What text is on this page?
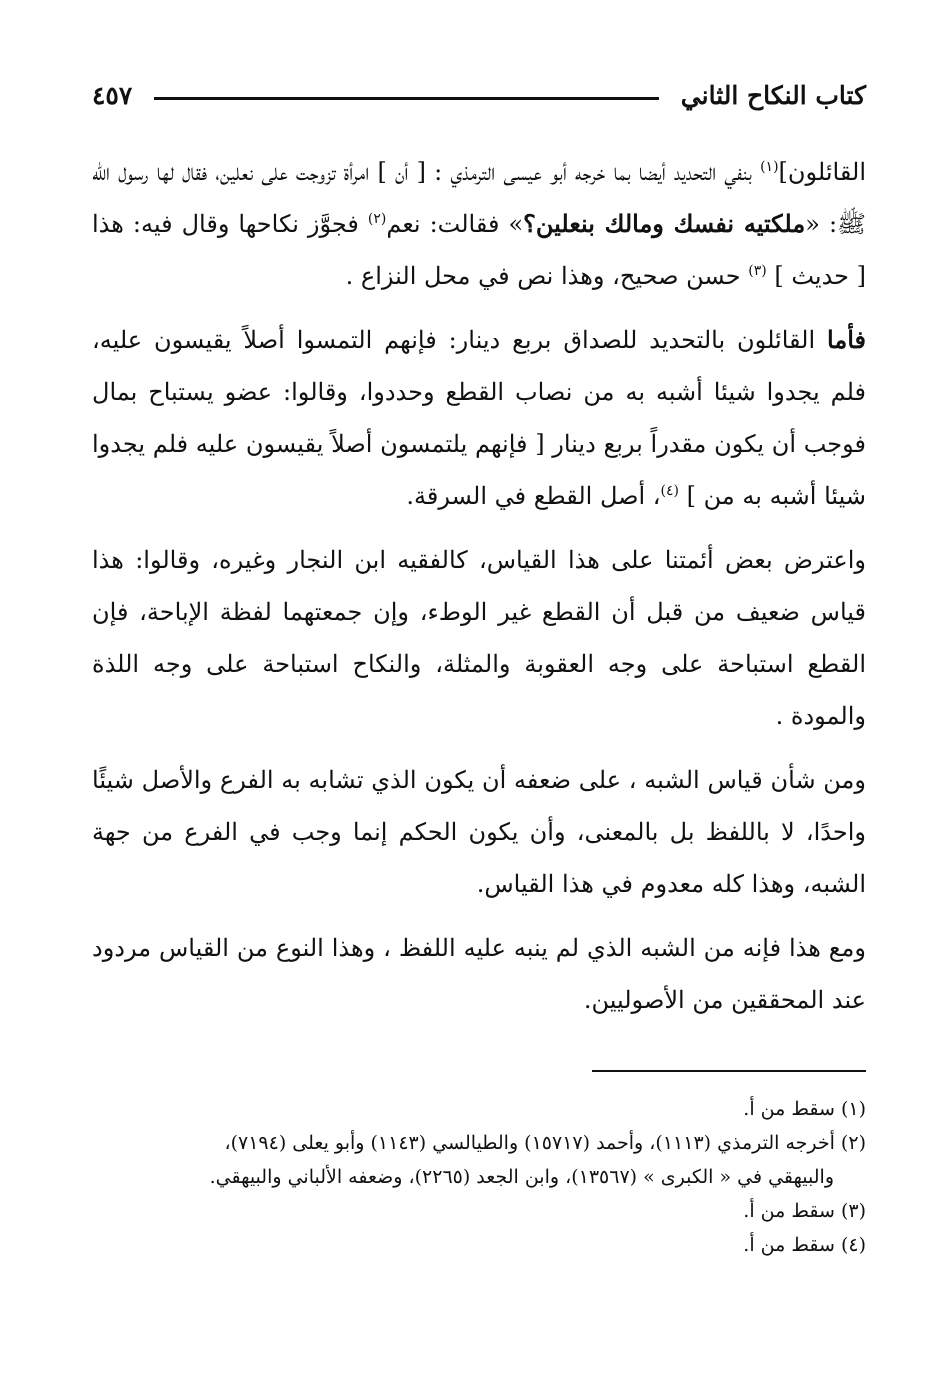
كتاب النكاح الثاني
٤٥٧

القائلون]$^{(١)}$ بنفي التحديد أيضا بما خرجه أبو عيسى الترمذي : [ أن ] امرأة تزوجت على نعلين، فقال لها رسول الله ﷺ: «ملكتيه نفسك ومالك بنعلين؟» فقالت: نعم$^{(٢)}$ فجوَّز نكاحها وقال فيه: هذا [ حديث ] $^{(٣)}$ حسن صحيح، وهذا نص في محل النزاع .

فأما القائلون بالتحديد للصداق بربع دينار: فإنهم التمسوا أصلاً يقيسون عليه، فلم يجدوا شيئا أشبه به من نصاب القطع وحددوا، وقالوا: عضو يستباح بمال فوجب أن يكون مقدراً بربع دينار [ فإنهم يلتمسون أصلاً يقيسون عليه فلم يجدوا شيئا أشبه به من ] $^{(٤)}$، أصل القطع في السرقة.

واعترض بعض أئمتنا على هذا القياس، كالفقيه ابن النجار وغيره، وقالوا: هذا قياس ضعيف من قبل أن القطع غير الوطء، وإن جمعتهما لفظة الإباحة، فإن القطع استباحة على وجه العقوبة والمثلة، والنكاح استباحة على وجه اللذة والمودة .

ومن شأن قياس الشبه ، على ضعفه أن يكون الذي تشابه به الفرع والأصل شيئًا واحدًا، لا باللفظ بل بالمعنى، وأن يكون الحكم إنما وجب في الفرع من جهة الشبه، وهذا كله معدوم في هذا القياس.

ومع هذا فإنه من الشبه الذي لم ينبه عليه اللفظ ، وهذا النوع من القياس مردود عند المحققين من الأصوليين.

(١) سقط من أ.

(٢) أخرجه الترمذي (١١١٣)، وأحمد (١٥٧١٧) والطيالسي (١١٤٣) وأبو يعلى (٧١٩٤)،

والبيهقي في « الكبرى » (١٣٥٦٧)، وابن الجعد (٢٢٦٥)، وضعفه الألباني والبيهقي.

(٣) سقط من أ.

(٤) سقط من أ.
